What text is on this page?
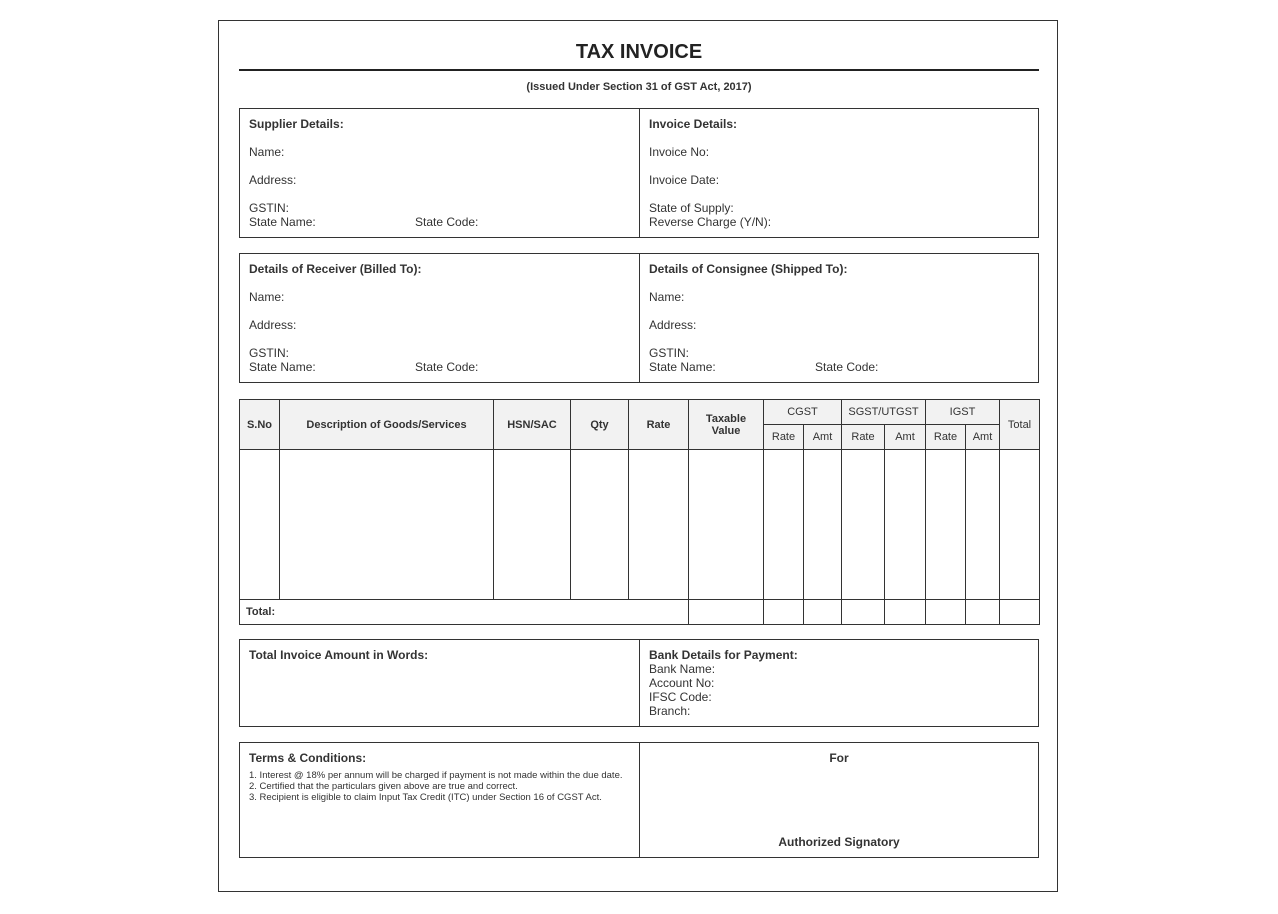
TAX INVOICE
(Issued Under Section 31 of GST Act, 2017)
Supplier Details:
Name:
Address:
GSTIN:
State Name:	State Code:
Invoice Details:
Invoice No:
Invoice Date:
State of Supply:
Reverse Charge (Y/N):
Details of Receiver (Billed To):
Name:
Address:
GSTIN:
State Name:	State Code:
Details of Consignee (Shipped To):
Name:
Address:
GSTIN:
State Name:	State Code:
S.No	Description of Goods/Services	HSN/SAC	Qty	Rate	Taxable Value	CGST		SGST/UTGST		IGST		Total
						Rate	Amt	Rate	Amt	Rate	Amt	

Total:												
Total Invoice Amount in Words:	Bank Details for Payment:
Bank Name:
Account No:
IFSC Code:
Branch:
Terms & Conditions:
1. Interest @ 18% per annum will be charged if payment is not made within the due date.
2. Certified that the particulars given above are true and correct.
3. Recipient is eligible to claim Input Tax Credit (ITC) under Section 16 of CGST Act.
For
Authorized Signatory
